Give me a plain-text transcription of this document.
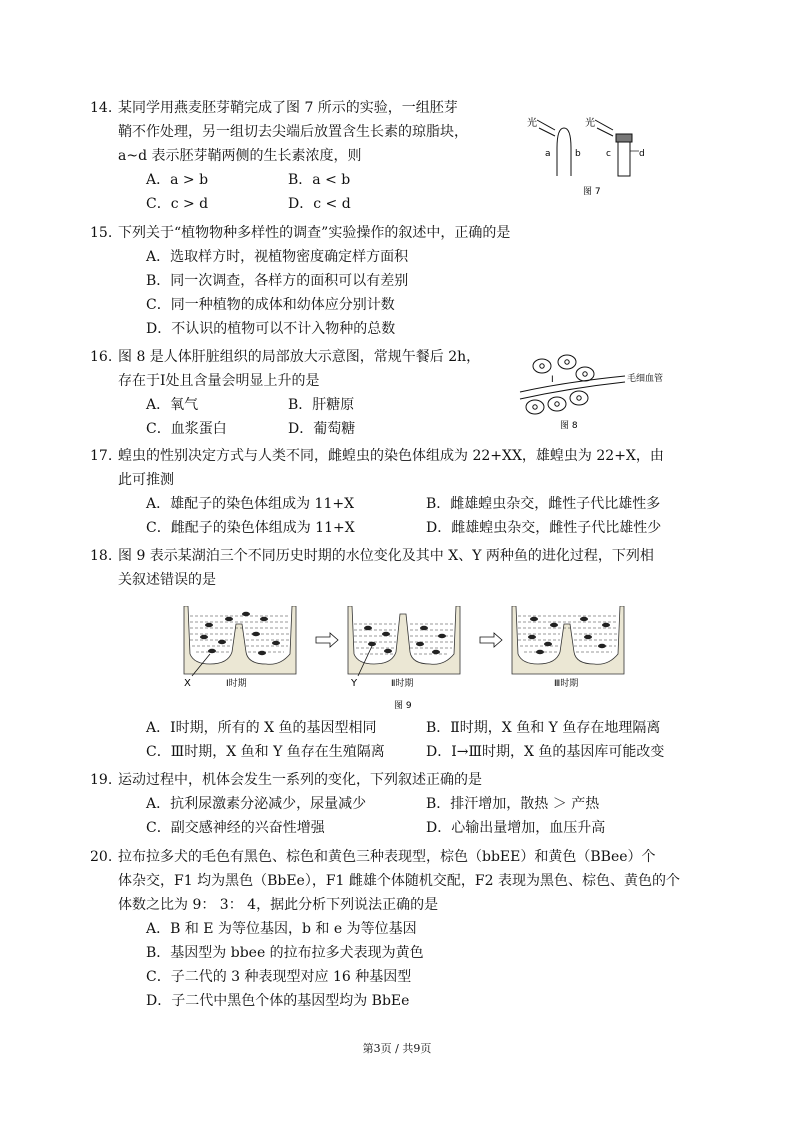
14. 某同学用燕麦胚芽鞘完成了图 7 所示的实验，一组胚芽
鞘不作处理，另一组切去尖端后放置含生长素的琼脂块，
a~d 表示胚芽鞘两侧的生长素浓度，则
A．a > b	B．a < b
C．c > d	D．c < d
光
a	b
光
c	d
图 7
15. 下列关于“植物物种多样性的调查”实验操作的叙述中，正确的是
A．选取样方时，视植物密度确定样方面积
B．同一次调查，各样方的面积可以有差别
C．同一种植物的成体和幼体应分别计数
D．不认识的植物可以不计入物种的总数
16. 图 8 是人体肝脏组织的局部放大示意图，常规午餐后 2h，
存在于Ⅰ处且含量会明显上升的是
A．氧气	B．肝糖原
C．血浆蛋白	D．葡萄糖
Ⅰ	毛细血管
图 8
17. 蝗虫的性别决定方式与人类不同，雌蝗虫的染色体组成为 22+XX，雄蝗虫为 22+X，由
此可推测
A．雄配子的染色体组成为 11+X	B．雌雄蝗虫杂交，雌性子代比雄性多
C．雌配子的染色体组成为 11+X	D．雌雄蝗虫杂交，雌性子代比雄性少
18. 图 9 表示某湖泊三个不同历史时期的水位变化及其中 X、Y 两种鱼的进化过程，下列相
关叙述错误的是
X	Ⅰ时期	Y	Ⅱ时期	Ⅲ时期
图 9
A．Ⅰ时期，所有的 X 鱼的基因型相同	B．Ⅱ时期，X 鱼和 Y 鱼存在地理隔离
C．Ⅲ时期，X 鱼和 Y 鱼存在生殖隔离	D．Ⅰ→Ⅲ时期，X 鱼的基因库可能改变
19. 运动过程中，机体会发生一系列的变化，下列叙述正确的是
A．抗利尿激素分泌减少，尿量减少	B．排汗增加，散热 ＞ 产热
C．副交感神经的兴奋性增强	D．心输出量增加，血压升高
20. 拉布拉多犬的毛色有黑色、棕色和黄色三种表现型，棕色（bbEE）和黄色（BBee）个
体杂交，F1 均为黑色（BbEe），F1 雌雄个体随机交配，F2 表现为黑色、棕色、黄色的个
体数之比为 9： 3： 4，据此分析下列说法正确的是
A．B 和 E 为等位基因，b 和 e 为等位基因
B．基因型为 bbee 的拉布拉多犬表现为黄色
C．子二代的 3 种表现型对应 16 种基因型
D．子二代中黑色个体的基因型均为 BbEe
第3页 / 共9页
